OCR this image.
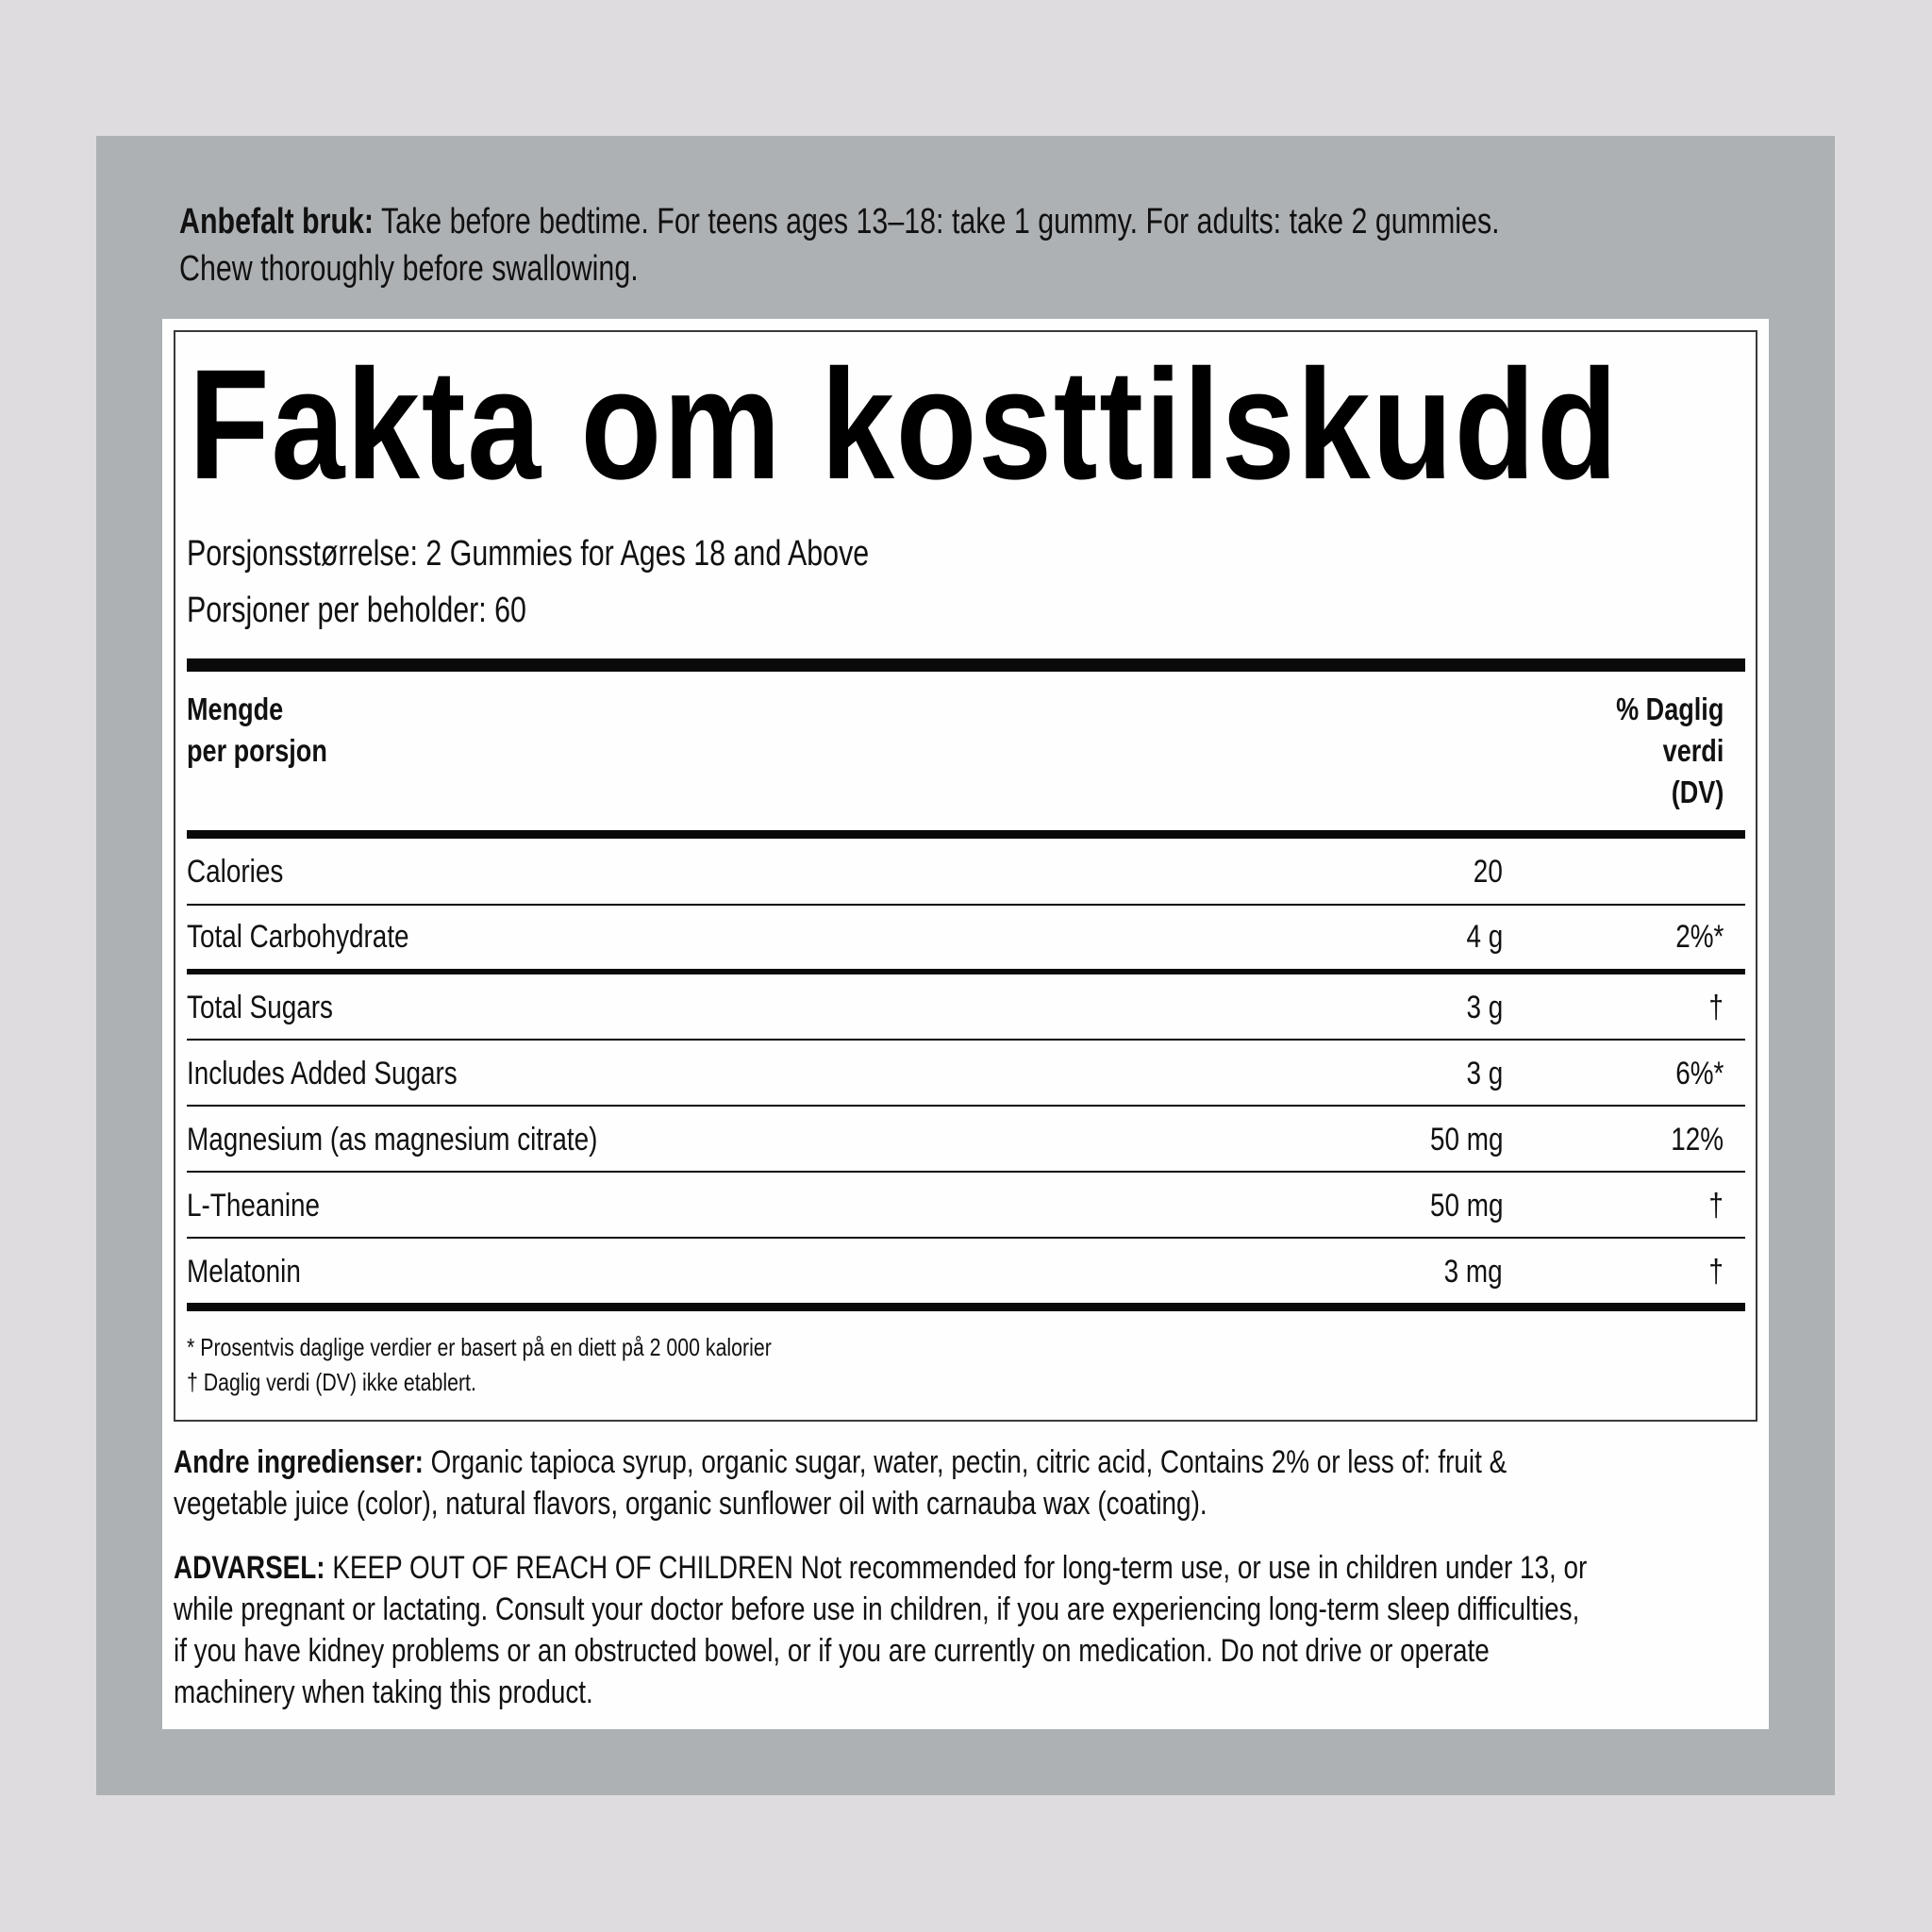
Anbefalt bruk: Take before bedtime. For teens ages 13–18: take 1 gummy. For adults: take 2 gummies.
Chew thoroughly before swallowing.
Fakta om kosttilskudd
Porsjonsstørrelse: 2 Gummies for Ages 18 and Above
Porsjoner per beholder: 60
Mengde
per porsjon
% Daglig
verdi
(DV)
Calories	20
Total Carbohydrate	4 g	2%*
Total Sugars	3 g	†
Includes Added Sugars	3 g	6%*
Magnesium (as magnesium citrate)	50 mg	12%
L-Theanine	50 mg	†
Melatonin	3 mg	†
* Prosentvis daglige verdier er basert på en diett på 2 000 kalorier
† Daglig verdi (DV) ikke etablert.
Andre ingredienser: Organic tapioca syrup, organic sugar, water, pectin, citric acid, Contains 2% or less of: fruit &
vegetable juice (color), natural flavors, organic sunflower oil with carnauba wax (coating).
ADVARSEL: KEEP OUT OF REACH OF CHILDREN Not recommended for long-term use, or use in children under 13, or
while pregnant or lactating. Consult your doctor before use in children, if you are experiencing long-term sleep difficulties,
if you have kidney problems or an obstructed bowel, or if you are currently on medication. Do not drive or operate
machinery when taking this product.
